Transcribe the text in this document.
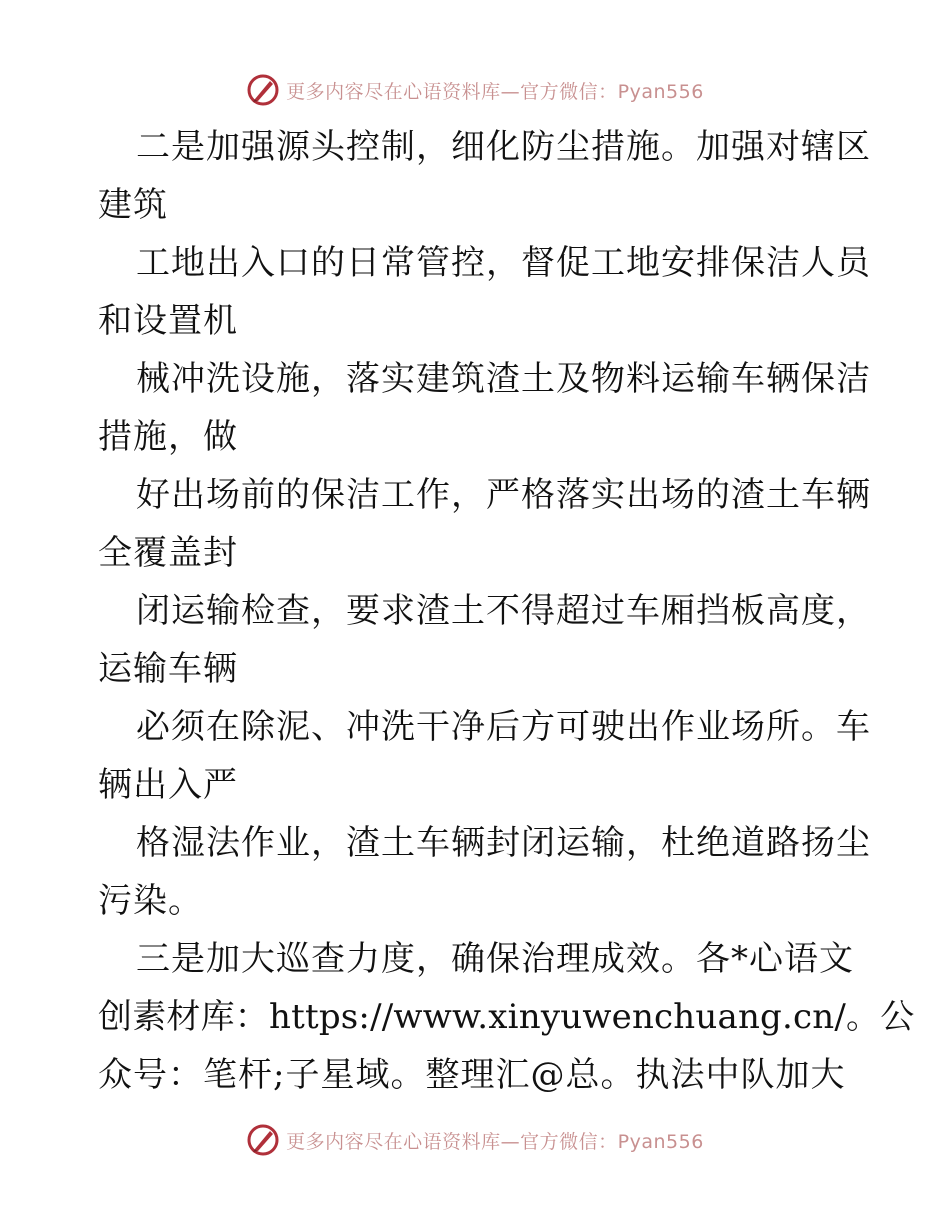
更多内容尽在心语资料库—官方微信：Pyan556
二是加强源头控制，细化防尘措施。加强对辖区
建筑
工地出入口的日常管控，督促工地安排保洁人员
和设置机
械冲洗设施，落实建筑渣土及物料运输车辆保洁
措施，做
好出场前的保洁工作，严格落实出场的渣土车辆
全覆盖封
闭运输检查，要求渣土不得超过车厢挡板高度，
运输车辆
必须在除泥、冲洗干净后方可驶出作业场所。车
辆出入严
格湿法作业，渣土车辆封闭运输，杜绝道路扬尘
污染。
三是加大巡查力度，确保治理成效。各*心语文
创素材库：https://www.xinyuwenchuang.cn/。公
众号：笔杆;子星域。整理汇@总。执法中队加大
更多内容尽在心语资料库—官方微信：Pyan556
